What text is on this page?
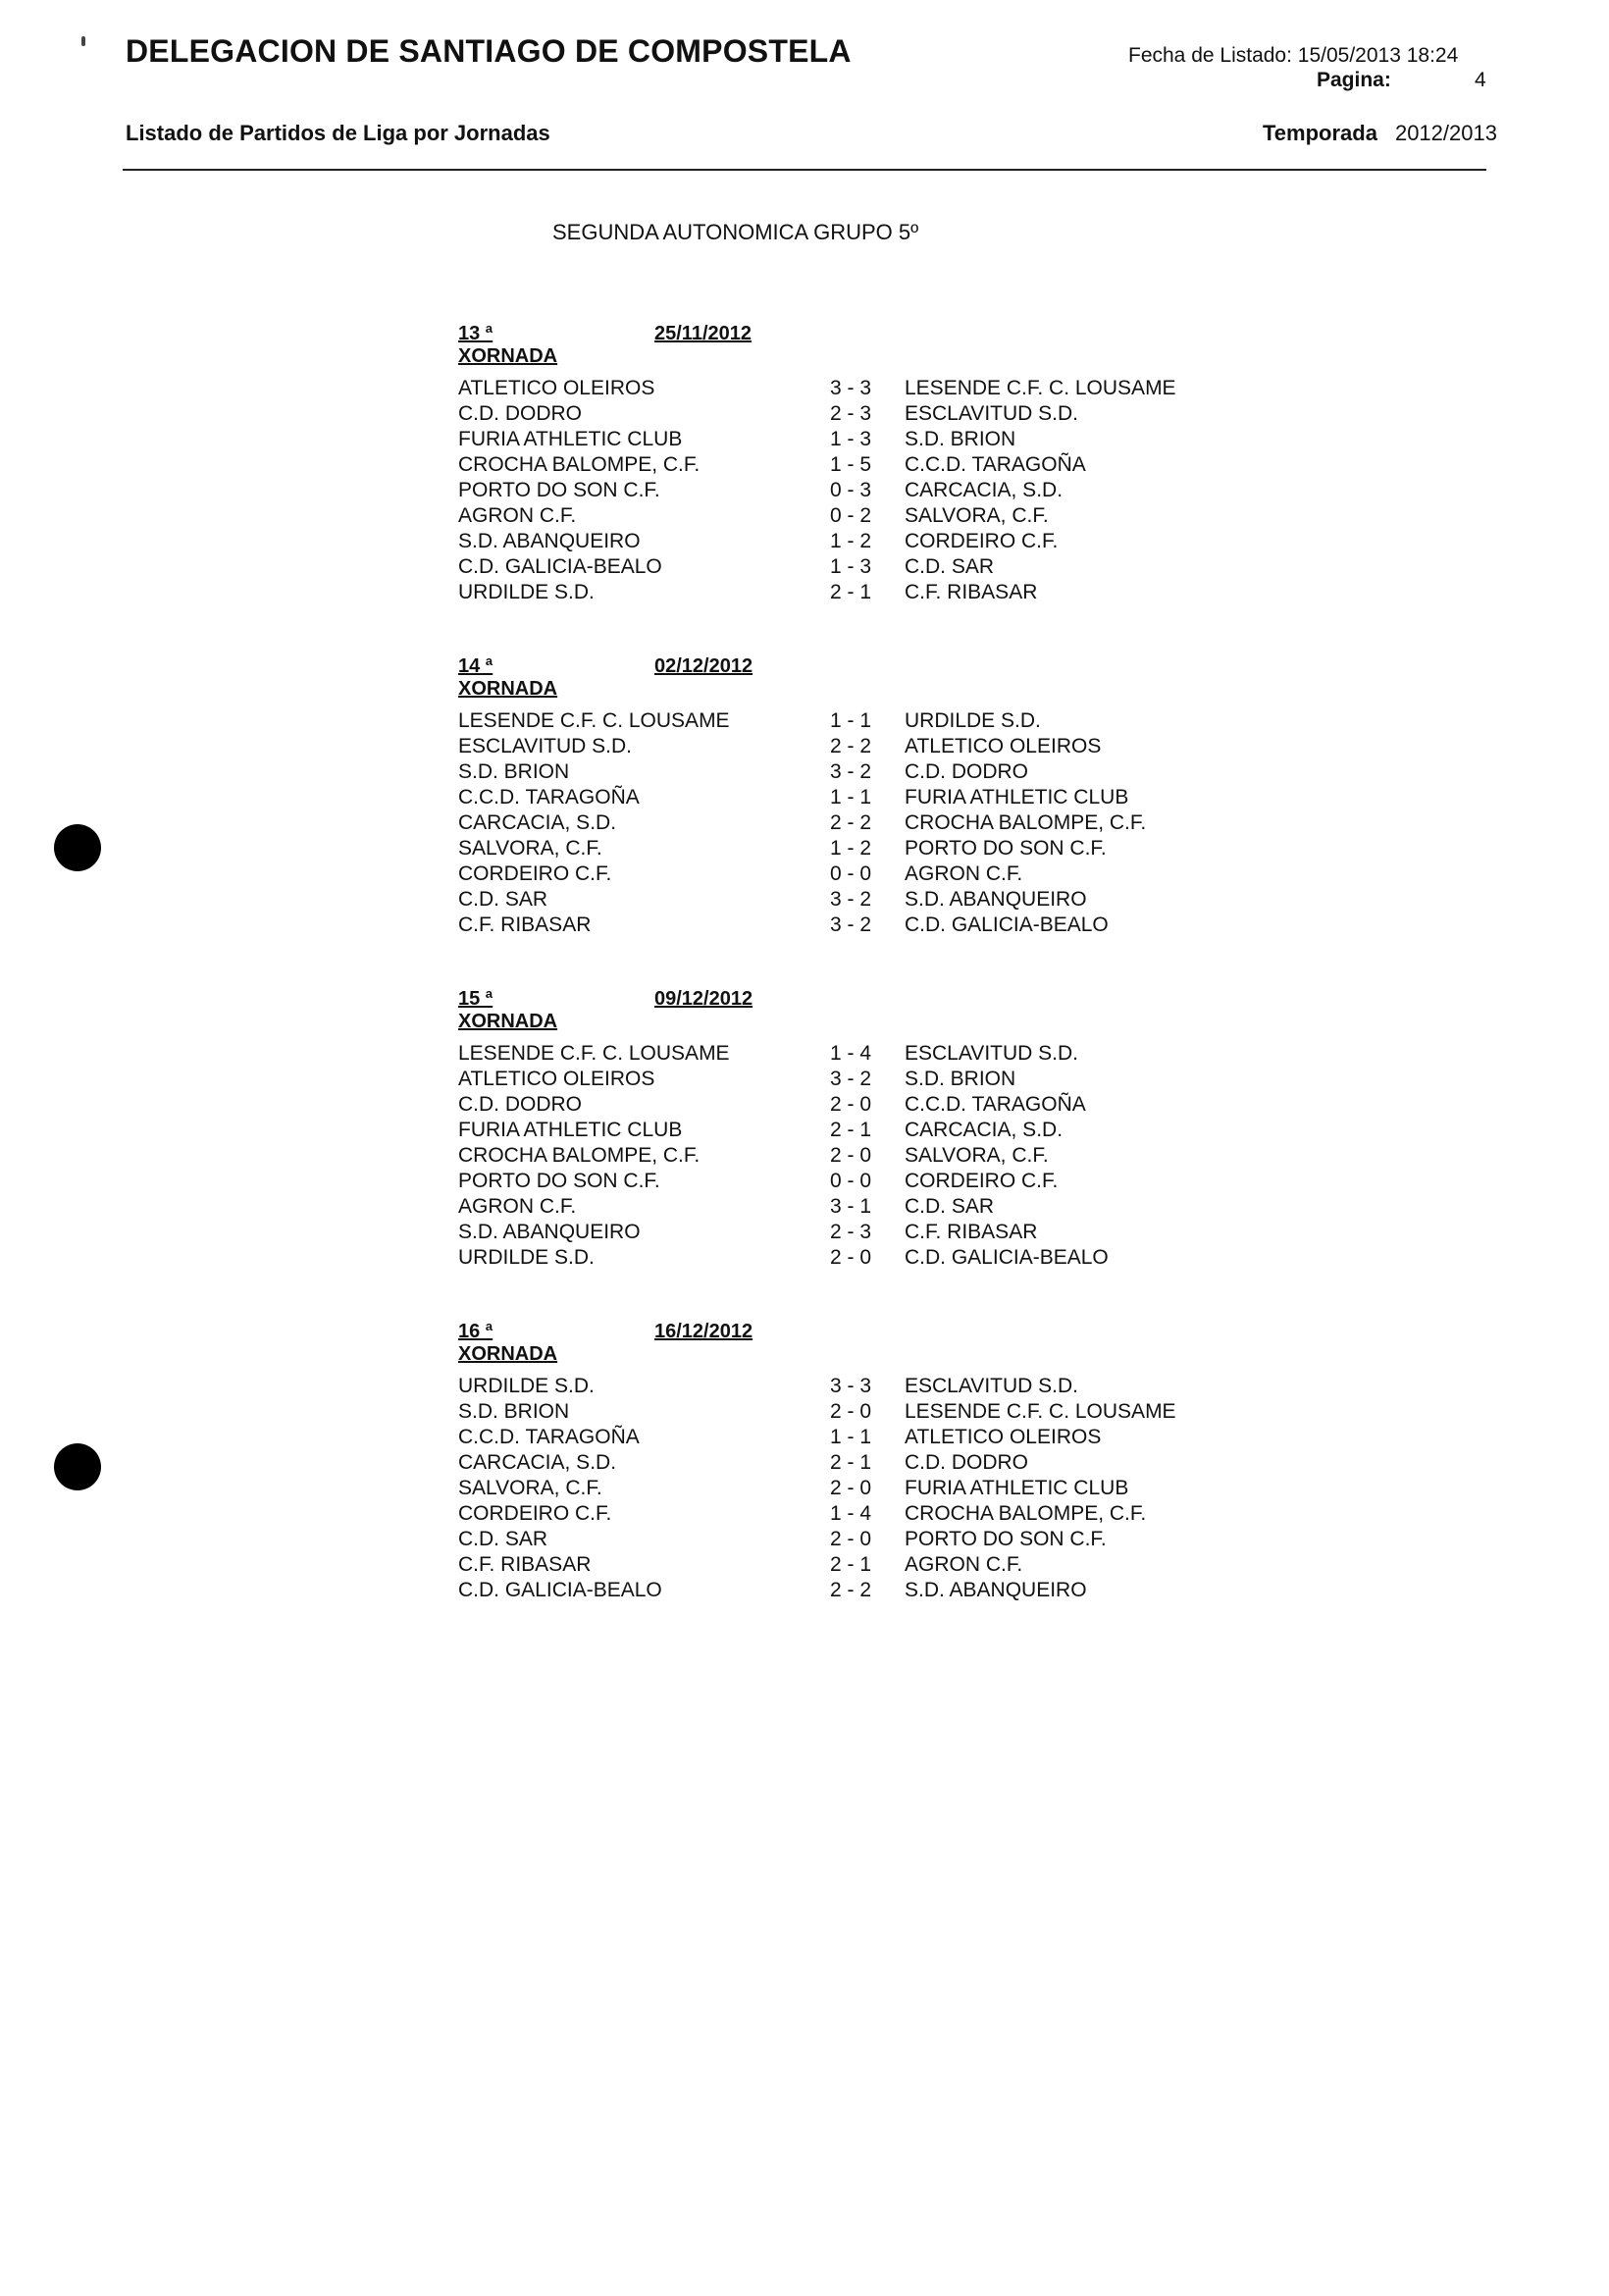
DELEGACION DE SANTIAGO DE COMPOSTELA	Fecha de Listado: 15/05/2013 18:24
Pagina:	4
Listado de Partidos de Liga por Jornadas	Temporada 2012/2013
SEGUNDA AUTONOMICA GRUPO 5º
13 ª XORNADA
25/11/2012
ATLETICO OLEIROS	3 - 3 LESENDE C.F. C. LOUSAME
C.D. DODRO	2 - 3 ESCLAVITUD S.D.
FURIA ATHLETIC CLUB	1 - 3 S.D. BRION
CROCHA BALOMPE, C.F.	1 - 5 C.C.D. TARAGOÑA
PORTO DO SON C.F.	0 - 3 CARCACIA, S.D.
AGRON C.F.	0 - 2 SALVORA, C.F.
S.D. ABANQUEIRO	1 - 2 CORDEIRO C.F.
C.D. GALICIA-BEALO	1 - 3 C.D. SAR
URDILDE S.D.	2 - 1 C.F. RIBASAR
14 ª XORNADA
02/12/2012
LESENDE C.F. C. LOUSAME	1 - 1 URDILDE S.D.
ESCLAVITUD S.D.	2 - 2 ATLETICO OLEIROS
S.D. BRION	3 - 2 C.D. DODRO
C.C.D. TARAGOÑA	1 - 1 FURIA ATHLETIC CLUB
CARCACIA, S.D.	2 - 2 CROCHA BALOMPE, C.F.
SALVORA, C.F.	1 - 2 PORTO DO SON C.F.
CORDEIRO C.F.	0 - 0 AGRON C.F.
C.D. SAR	3 - 2 S.D. ABANQUEIRO
C.F. RIBASAR	3 - 2 C.D. GALICIA-BEALO
15 ª XORNADA
09/12/2012
LESENDE C.F. C. LOUSAME	1 - 4 ESCLAVITUD S.D.
ATLETICO OLEIROS	3 - 2 S.D. BRION
C.D. DODRO	2 - 0 C.C.D. TARAGOÑA
FURIA ATHLETIC CLUB	2 - 1 CARCACIA, S.D.
CROCHA BALOMPE, C.F.	2 - 0 SALVORA, C.F.
PORTO DO SON C.F.	0 - 0 CORDEIRO C.F.
AGRON C.F.	3 - 1 C.D. SAR
S.D. ABANQUEIRO	2 - 3 C.F. RIBASAR
URDILDE S.D.	2 - 0 C.D. GALICIA-BEALO
16 ª XORNADA
16/12/2012
URDILDE S.D.	3 - 3 ESCLAVITUD S.D.
S.D. BRION	2 - 0 LESENDE C.F. C. LOUSAME
C.C.D. TARAGOÑA	1 - 1 ATLETICO OLEIROS
CARCACIA, S.D.	2 - 1 C.D. DODRO
SALVORA, C.F.	2 - 0 FURIA ATHLETIC CLUB
CORDEIRO C.F.	1 - 4 CROCHA BALOMPE, C.F.
C.D. SAR	2 - 0 PORTO DO SON C.F.
C.F. RIBASAR	2 - 1 AGRON C.F.
C.D. GALICIA-BEALO	2 - 2 S.D. ABANQUEIRO
